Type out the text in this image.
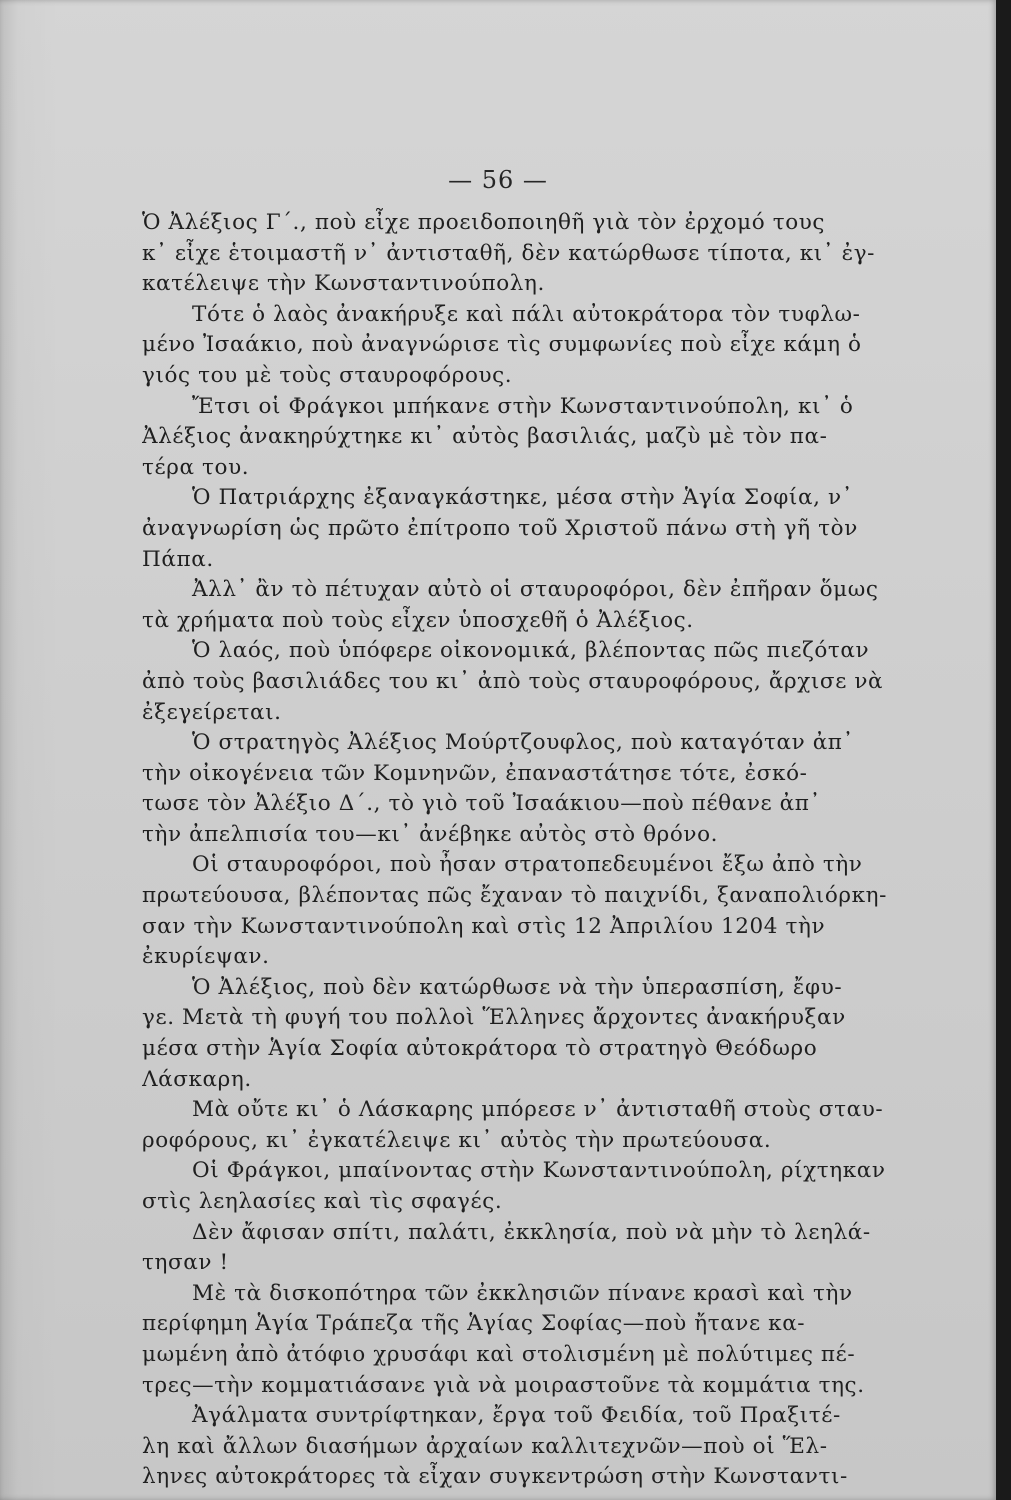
— 56 —
Ὁ Ἀλέξιος Γ΄., ποὺ εἶχε προειδοποιηθῆ γιὰ τὸν ἐρχομό τους
κ᾽ εἶχε ἑτοιμαστῆ ν᾽ ἀντισταθῆ, δὲν κατώρθωσε τίποτα, κι᾽ ἐγ-
κατέλειψε τὴν Κωνσταντινούπολη.
Τότε ὁ λαὸς ἀνακήρυξε καὶ πάλι αὐτοκράτορα τὸν τυφλω-
μένο Ἰσαάκιο, ποὺ ἀναγνώρισε τὶς συμφωνίες ποὺ εἶχε κάμη ὁ
γιός του μὲ τοὺς σταυροφόρους.
Ἔτσι οἱ Φράγκοι μπήκανε στὴν Κωνσταντινούπολη, κι᾽ ὁ
Ἀλέξιος ἀνακηρύχτηκε κι᾽ αὐτὸς βασιλιάς, μαζὺ μὲ τὸν πα-
τέρα του.
Ὁ Πατριάρχης ἐξαναγκάστηκε, μέσα στὴν Ἁγία Σοφία, ν᾽
ἀναγνωρίση ὡς πρῶτο ἐπίτροπο τοῦ Χριστοῦ πάνω στὴ γῆ τὸν
Πάπα.
Ἀλλ᾽ ἂν τὸ πέτυχαν αὐτὸ οἱ σταυροφόροι, δὲν ἐπῆραν ὅμως
τὰ χρήματα ποὺ τοὺς εἶχεν ὑποσχεθῆ ὁ Ἀλέξιος.
Ὁ λαός, ποὺ ὑπόφερε οἰκονομικά, βλέποντας πῶς πιεζόταν
ἀπὸ τοὺς βασιλιάδες του κι᾽ ἀπὸ τοὺς σταυροφόρους, ἄρχισε νὰ
ἐξεγείρεται.
Ὁ στρατηγὸς Ἀλέξιος Μούρτζουφλος, ποὺ καταγόταν ἀπ᾽
τὴν οἰκογένεια τῶν Κομνηνῶν, ἐπαναστάτησε τότε, ἐσκό-
τωσε τὸν Ἀλέξιο Δ΄., τὸ γιὸ τοῦ Ἰσαάκιου—ποὺ πέθανε ἀπ᾽
τὴν ἀπελπισία του—κι᾽ ἀνέβηκε αὐτὸς στὸ θρόνο.
Οἱ σταυροφόροι, ποὺ ἦσαν στρατοπεδευμένοι ἔξω ἀπὸ τὴν
πρωτεύουσα, βλέποντας πῶς ἔχαναν τὸ παιχνίδι, ξαναπολιόρκη-
σαν τὴν Κωνσταντινούπολη καὶ στὶς 12 Ἀπριλίου 1204 τὴν
ἐκυρίεψαν.
Ὁ Ἀλέξιος, ποὺ δὲν κατώρθωσε νὰ τὴν ὑπερασπίση, ἔφυ-
γε. Μετὰ τὴ φυγή του πολλοὶ Ἕλληνες ἄρχοντες ἀνακήρυξαν
μέσα στὴν Ἁγία Σοφία αὐτοκράτορα τὸ στρατηγὸ Θεόδωρο
Λάσκαρη.
Μὰ οὔτε κι᾽ ὁ Λάσκαρης μπόρεσε ν᾽ ἀντισταθῆ στοὺς σταυ-
ροφόρους, κι᾽ ἐγκατέλειψε κι᾽ αὐτὸς τὴν πρωτεύουσα.
Οἱ Φράγκοι, μπαίνοντας στὴν Κωνσταντινούπολη, ρίχτηκαν
στὶς λεηλασίες καὶ τὶς σφαγές.
Δὲν ἄφισαν σπίτι, παλάτι, ἐκκλησία, ποὺ νὰ μὴν τὸ λεηλά-
τησαν !
Μὲ τὰ δισκοπότηρα τῶν ἐκκλησιῶν πίνανε κρασὶ καὶ τὴν
περίφημη Ἁγία Τράπεζα τῆς Ἁγίας Σοφίας—ποὺ ἤτανε κα-
μωμένη ἀπὸ ἀτόφιο χρυσάφι καὶ στολισμένη μὲ πολύτιμες πέ-
τρες—τὴν κομματιάσανε γιὰ νὰ μοιραστοῦνε τὰ κομμάτια της.
Ἀγάλματα συντρίφτηκαν, ἔργα τοῦ Φειδία, τοῦ Πραξιτέ-
λη καὶ ἄλλων διασήμων ἀρχαίων καλλιτεχνῶν—ποὺ οἱ Ἕλ-
ληνες αὐτοκράτορες τὰ εἶχαν συγκεντρώση στὴν Κωνσταντι-
